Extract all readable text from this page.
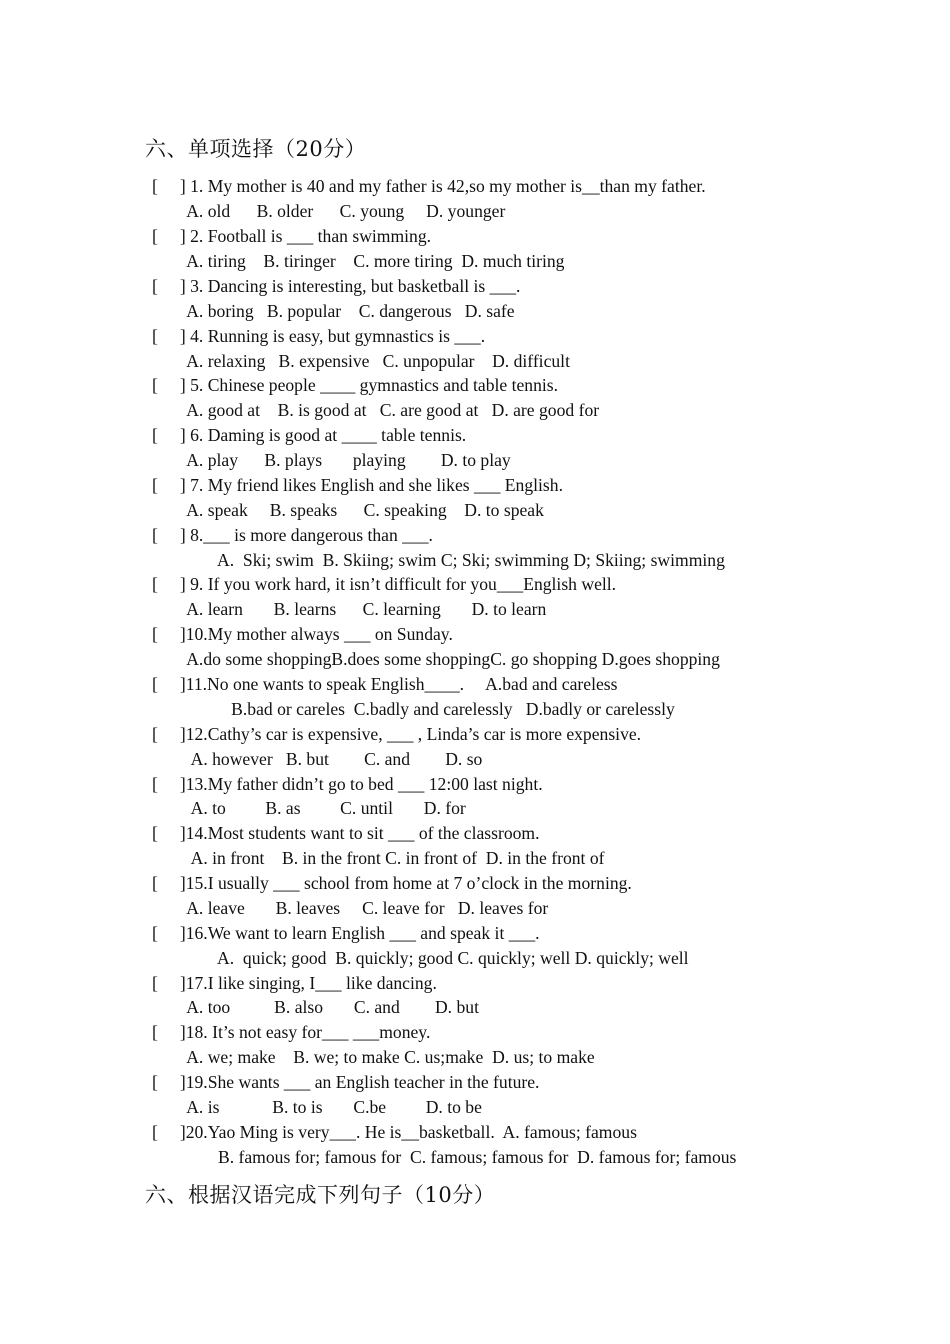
六、单项选择（20分）
[     ] 1. My mother is 40 and my father is 42,so my mother is__than my father.
A. old      B. older      C. young     D. younger
[     ] 2. Football is ___ than swimming.
A. tiring    B. tiringer    C. more tiring  D. much tiring
[     ] 3. Dancing is interesting, but basketball is ___.
A. boring   B. popular    C. dangerous   D. safe
[     ] 4. Running is easy, but gymnastics is ___.
A. relaxing   B. expensive   C. unpopular    D. difficult
[     ] 5. Chinese people ____ gymnastics and table tennis.
A. good at    B. is good at   C. are good at   D. are good for
[     ] 6. Daming is good at ____ table tennis.
A. play      B. plays       playing        D. to play
[     ] 7. My friend likes English and she likes ___ English.
A. speak     B. speaks      C. speaking    D. to speak
[     ] 8.___ is more dangerous than ___.
A.  Ski; swim  B. Skiing; swim C; Ski; swimming D; Skiing; swimming
[     ] 9. If you work hard, it isn’t difficult for you___English well.
A. learn       B. learns      C. learning       D. to learn
[     ]10.My mother always ___ on Sunday.
A.do some shoppingB.does some shoppingC. go shopping D.goes shopping
[     ]11.No one wants to speak English____.     A.bad and careless
B.bad or careles  C.badly and carelessly   D.badly or carelessly
[     ]12.Cathy’s car is expensive, ___ , Linda’s car is more expensive.
A. however   B. but        C. and        D. so
[     ]13.My father didn’t go to bed ___ 12:00 last night.
A. to         B. as         C. until       D. for
[     ]14.Most students want to sit ___ of the classroom.
A. in front    B. in the front C. in front of  D. in the front of
[     ]15.I usually ___ school from home at 7 o’clock in the morning.
A. leave       B. leaves     C. leave for   D. leaves for
[     ]16.We want to learn English ___ and speak it ___.
A.  quick; good  B. quickly; good C. quickly; well D. quickly; well
[     ]17.I like singing, I___ like dancing.
A. too          B. also       C. and        D. but
[     ]18. It’s not easy for___ ___money.
A. we; make    B. we; to make C. us;make  D. us; to make
[     ]19.She wants ___ an English teacher in the future.
A. is            B. to is       C.be         D. to be
[     ]20.Yao Ming is very___. He is__basketball.  A. famous; famous
B. famous for; famous for  C. famous; famous for  D. famous for; famous
六、根据汉语完成下列句子（10分）
